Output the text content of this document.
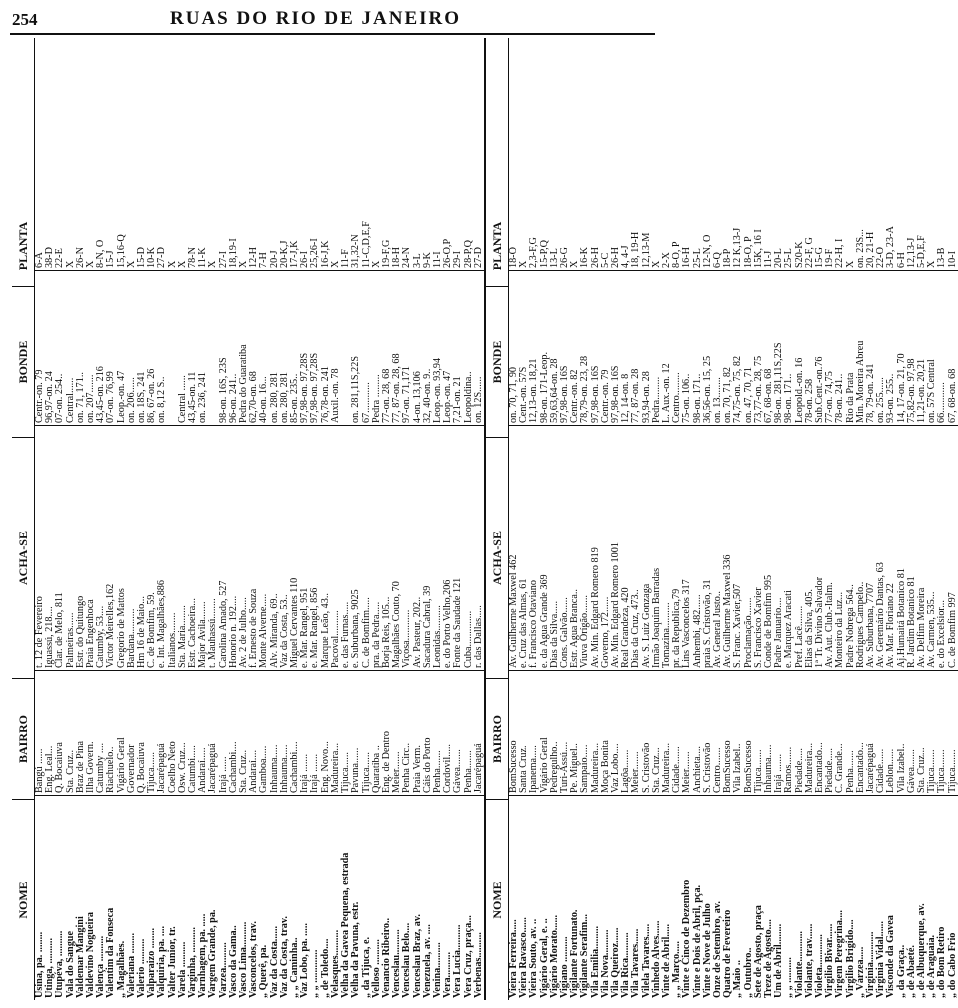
254	RUAS DO RIO DE JANEIRO
NOME
BAIRRO
ACHA-SE
BONDE
PLANTA
Usina, pa. ........
Bangú ......
t. 12 de Fevereiro
Centr.-on. 79
6-A
Utinga, ..........
Eng. Leal...
Iguassú, 218....
96,97-on. 24
38-D
Utupéva, ..........
Q. Bocaiuva
Clar. de Melo, 811
07-on. 254..
22-E
Vala do Sangue
Sta. Cruz..
Palmeiras......
Central......
X
Valdemar Mangini
Braz de Pina
Estr. do Quitungo
on. 71, 171..
26-N
Valdevino Nogueira
Ilha Govern.
Praia Engenhoca
on. 207.......
X
Valença ..........
Catumby ....
Catumby, 53....
43,45-on. 216
8-N, O
Valentim da Fonseca
Riachuelo..
Victor Meirelles,162
07-on. 76,99
15-J
„ Magalhães.
Vigário Geral
Gregorio de Mattos
Leop.-on. 47
15,16-Q
Valeriana ........
Governador
Bardana..........
on. 206......
X
Valerio ..........
Q. Bocaiuva
Hm 16 de Maio...
on. 18S, 241
15-D
Valparaizo ........
Tijuca......
C. de Bomfim, 59.
86, 67-on. 26
10-K
Valquiria, pa. ....
Jacarépaguá
e. Int. Magalhães,886
on. 8,12 S..
27-D
Valter Junior, tr.
Coelho Neto
Italianos........
X
Varela ..........
Osw. Cruz...
Sta. Maria........
Central ......
X
Varginha, ..........
Catumbi.....
Estr. Cachoeira...
43,45-on. 11
78-N
Varnhagem, pa. .....
Andaraí.....
Major Avila.......
on. 236, 241
11-K
Vargem Grande, pa.
Jacarépaguá
t. Mauhassú........
X
Varzea..........
Irajá ......
Carolina Amado, 527
98-on. 16S, 23S
27-I
Vasco da Gama..
Cachambi....
Honorio n. 192....
96-on. 241..
18,19-I
Vasco Lima..........
Sta. Cruz..
Av. 2 de Julho.....
Pedra do Guaratiba
X
Vasconcelos, trav.
Andaraí....
f. Ernesto de Souza
62,70-on. 68
12-H
„ Querê, pa.
Gamboa.....
Monte Alverne.....
40-on. 16...
7-H
Vaz da Costa......
Inhauma.....
Alv. Miranda, 69..
on. 280, 281
20-J
Vaz da Costa, trav.
Inhauma.....
Vaz da Costa, 53..
on. 280, 281
20-K,J
„ „ Caminha..
Cachambi....
Miguel Cervantes 110
85-on. 235..
17-J,K
Vaz Lobo, pa. .....
Irajá .......
e. Mar. Rangel, 951
97,98-on. 97,28S
26-I
„ „ .............
Irajá .......
e. Mar. Rangel, 856
97,98-on. 97,28S
25,26-I
„ de Toledo....
Eng. Novo...
Marque Leão, 43..
76,78-on. 241
16-J,K
Velasques..........
Madureira...
Pacoval..........
Auxil.-on. 78
X
Velha da Gavea Pequena, estrada
Tijuca......
e. das Furnas.....
11-F
Velha da Pavuna, estr.
Pavuna......
e. Suburbana, 9025
on. 281,11S,22S
31,32-N
„ da Tijuca, e.
Tijuca......
C. de Bomfim.....
67............
11-C,D,E,F
Velloso ..........
Quaratiba ..
pra. da Pedra.....
Pedra .........
X
Venancio Ribeiro..
Eng. de Dentro
Borja Reis, 105...
77-on. 28, 68
19-F,G
Venceslau..........
Meier.......
Magalhães Couto, 70
77, 87-on. 28, 68
18-H
Venceslau Belo....
Penha Circ..
Viçosa............
97-on. 71,171
24-N
Venceslau Braz, av.
Praia Verm.
Av. Pasteur, 202..
4-on. 13,106
3-L
Venezuela, av. ....
Cáis do Porto
Sacadura Cabral, 39
32, 40-on. 9..
9-K
Venina..........
Penha.......
Leonidas..........
Leop.-on. 93,94
11-I
Vera..........
Cordovil.....
e. do Porto Velho,206
Leop.-on. 47
26-O,P
Vera Lucia..........
Gávea.......
Fonte da Saudade 121
7,21-on. 21
29-I
Vera Cruz, praça...
Penha.......
Cuba..............
Leopoldina..
28-P,Q
Verbenas..........
Jacarépaguá
r. das Dallas.....
on. 12S......
27-D
NOME
BAIRRO
ACHA-SE
BONDE
PLANTA
Vieira Ferreira.....
BomSucesso
Av. Guilherme Maxwel 462
on. 70, 71, 90
18-O
Vieira Ravasco......
Santa Cruz.
e. Cruz das Almas, 61
Cent.-on. 57S
X
Vieira Souto, av. ..
Ipanema.....
f. Francisco Otaviano
12,13-on. 18,21
2,3-F,G
Vigário Geral, e. ..
Vigário Geral
e. da Agua Grande 369
98-on. 171-Leop.
15-P,Q
Vigário Morato......
Pedregulho..
Dias da Silva.....
59,63,64-on. 28
13-L
Vigiano ..........
Turi-Assú....
Cons. Galvão......
97,98-on. 16S
26-G
Vigilante Fortunato.
Pe. Miguel..
Estr. Agua Branca..
Centr.-on. 82
X
Vigilante Serafim...
Sampaio.....
Viuva Orígão.......
78,79-on. 23, 28
16-K
Vila Emilia.........
Madureira...
Av. Min. Edgard Romero 819
97,98-on. 16S
26-H
Vila Nova..........
Moça Bonita
Governo, 172......
Centr.-on. 79
5-C
Vila Queiroz......
Vaz Lobo....
Av. Min. Edgard Romero 1001
97,98-on. 16S
26-H
Vila Rica..........
Lagôa.......
Real Grandeza, 420
12, 14-on. 8
4, 4-J
Vila Tavares......
Meier.......
Dias da Cruz, 473..
77, 87-on. 28
18, 19-H
Vilela Tavares.....
S. Cristovão
Av. S. Luiz Gonzaga
93,94-on. 28
12,13-M
Vinhedo Alves......
Sta. Cruz...
Irmão Joaquim Barradas
Pedra.........
X
Vinte de Abril.....
Madureira...
Tomazina..........
L. Aux.-on. 12
2-X
„ „ Março.....
Cidade.......
pr. da Republica,79
Centro.........
8-O, P
Vinte e Cinco de Dezembro
Meier.......
Lins Vasconcelos 317
75-on. 106..
16-H
Vinte e Dois de Abril, pça.
Anchieta....
Anhembi, 482......
98-on. 171..
25-L
Vinte e Nove de Julho
S. Cristovão
praia S. Cristovão, 31
36,56-on. 15, 25
12-N, O
Onze de Setembro, av.
Centro.......
Av. General Justo..
on. 13........
6-Q
Quatro de Fevereiro
BomSucesso
Av. Guilherme Maxwel 336
on. 70, 71, 82
18-P
„ Maio ..
Vila Izabel..
S. Franc. Xavier,507
74,75-on. 75, 82
12 K,13-J
„ Outubro..
BomSucesso
Proclamação.......
on. 47, 70, 71
18-O, P
Sete de Agosto, praça
Tijuca.......
S. Francisco Xavier
73,77-on. 28, 75
15K, 16 I
Treze de Agosto....
Inhauma.....
Conde de Bomfim 995
67, 68-on. 68
11-J
Um de Abril........
Irajá .......
Padre Januario....
98-on. 281,11S,22S
20-L
„ „ ..........
Ramos.......
e. Marquez Aracati
98-on. 171..
25-L
Violante............
Piedade.....
Pref. Lacê........
Leopold.-on. 16
S20-K
Violante, trav......
Madureira...
Elias da Silva, 405.
78-on. 258
22-F, G
Violeta.............
Encantado...
1ª Tr. Divino Salvador
Sub.Cent.-on.76
15-G
Virgilio Bivar......
Piedade.....
Av. Aut. Club.-Italm.
77-on. 74,75
19-F
Virgem Peregrina....
C. Grande...
Monteiro da Luz...
78-on. 241..
22-H, I
Virgilio Brigido....
Penha.......
Padre Nobrega 564..
Rio da Prata
X
„ Várzea.....
Encantado...
Rodrigues Campelo..
Min. Moreira Abreu
on. 23S...
Virginia............
Jacarépaguá
Av. Suburbana, 7707
78, 79-on. 241
20, 21-H
Virginia Vidal......
Cidade......
Av. Geremário Dantas, 63
on. 255......
22-O
Visconde da Gavea
Leblon......
Av. Mar. Floriano 22
93-on. 255..
3-D, 23-A
„ da Graça..
Vila Izabel..
Aj.Humaitá Botanico 81
14, 17-on. 21, 70
6-H
„ de Abaeté.
Gávea.......
R. Jardim Botanico 81
75,82-on. 97,98
12,13-J
„ de Albuquerque, av.
Sta. Cruz...
Av. Delfim Moreira
11,21-on. 20,21
5-D,E,F
„ de Araguaia.
Tijuca.......
Av. Carmen, 535...
on. 57S Central
X
„ do Bom Retiro
Tijuca.......
e. do Excelsior...
66............
13-B
„ do Cabo Frio
Tijuca.......
C. de Bomfim 997
67, 68-on. 68
10-I
